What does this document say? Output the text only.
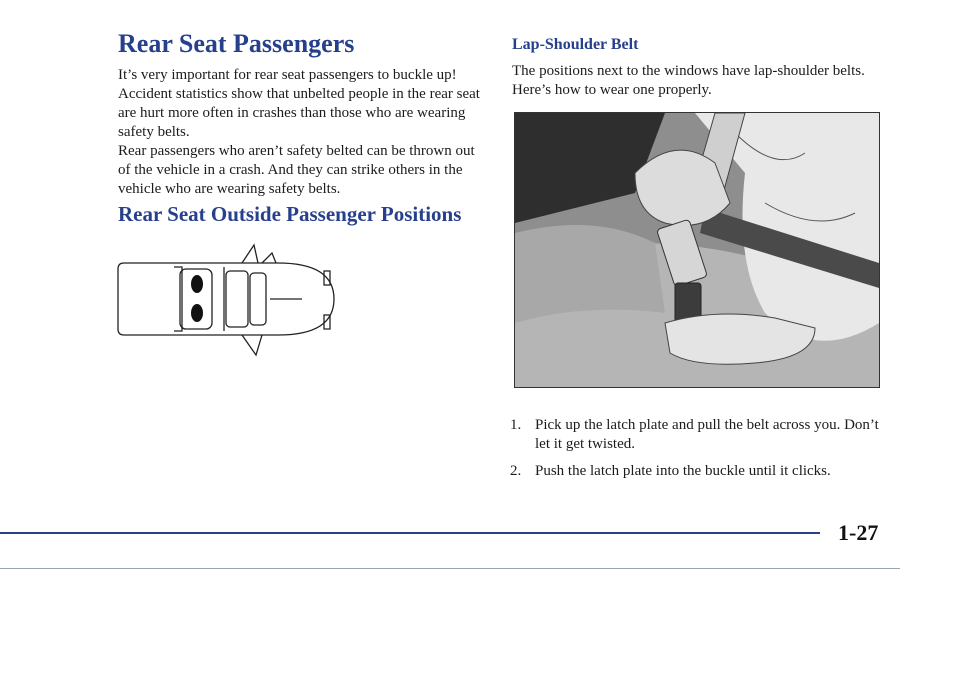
Rear Seat Passengers

It’s very important for rear seat passengers to buckle up! Accident statistics show that unbelted people in the rear seat are hurt more often in crashes than those who are wearing safety belts.

Rear passengers who aren’t safety belted can be thrown out of the vehicle in a crash. And they can strike others in the vehicle who are wearing safety belts.

Rear Seat Outside Passenger Positions
Lap-Shoulder Belt

The positions next to the windows have lap-shoulder belts. Here’s how to wear one properly.

1. Pick up the latch plate and pull the belt across you. Don’t let it get twisted.
2. Push the latch plate into the buckle until it clicks.
1-27
